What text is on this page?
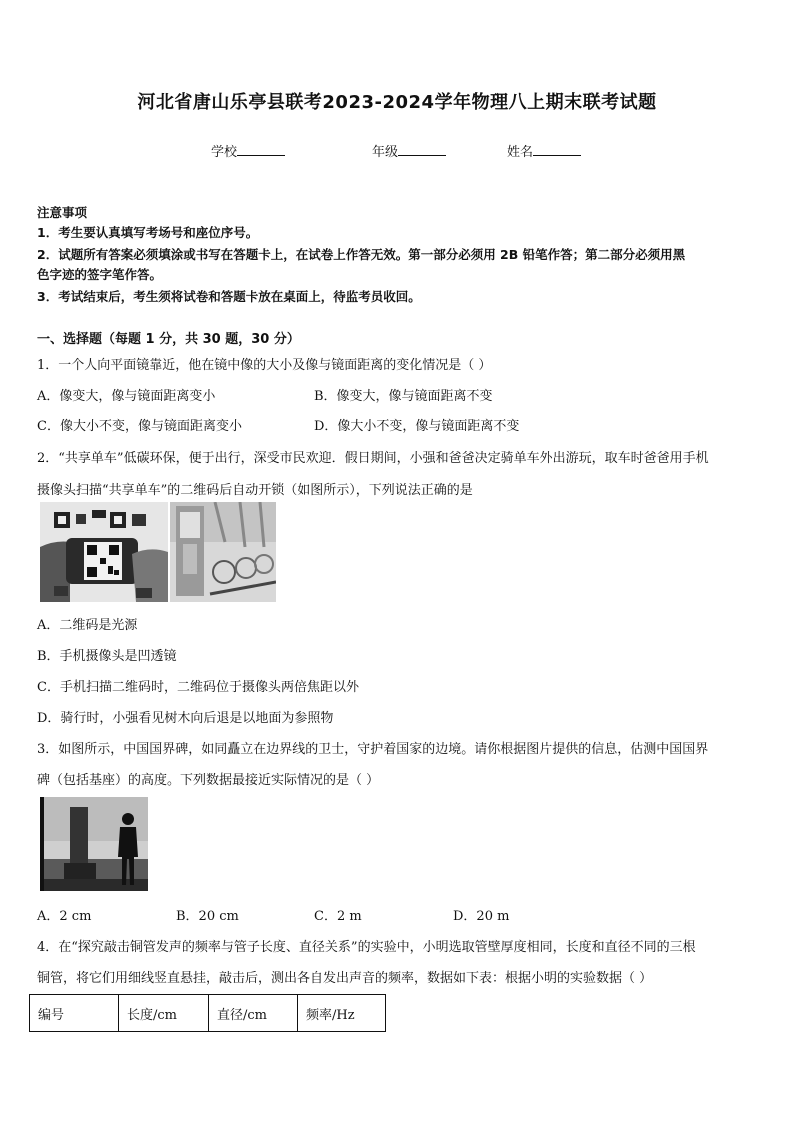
河北省唐山乐亭县联考2023-2024学年物理八上期末联考试题
学校	年级	姓名
注意事项
1．考生要认真填写考场号和座位序号。
2．试题所有答案必须填涂或书写在答题卡上，在试卷上作答无效。第一部分必须用 2B 铅笔作答；第二部分必须用黑
色字迹的签字笔作答。
3．考试结束后，考生须将试卷和答题卡放在桌面上，待监考员收回。
一、选择题（每题 1 分，共 30 题，30 分）
1．一个人向平面镜靠近，他在镜中像的大小及像与镜面距离的变化情况是（ ）
A．像变大，像与镜面距离变小	B．像变大，像与镜面距离不变
C．像大小不变，像与镜面距离变小	D．像大小不变，像与镜面距离不变
2．“共享单车”低碳环保，便于出行，深受市民欢迎．假日期间，小强和爸爸决定骑单车外出游玩，取车时爸爸用手机
摄像头扫描“共享单车”的二维码后自动开锁（如图所示），下列说法正确的是
A．二维码是光源
B．手机摄像头是凹透镜
C．手机扫描二维码时，二维码位于摄像头两倍焦距以外
D．骑行时，小强看见树木向后退是以地面为参照物
3．如图所示，中国国界碑，如同矗立在边界线的卫士，守护着国家的边境。请你根据图片提供的信息，估测中国国界
碑（包括基座）的高度。下列数据最接近实际情况的是（ ）
A．2 cm	B．20 cm	C．2 m	D．20 m
4．在“探究敲击铜管发声的频率与管子长度、直径关系”的实验中，小明选取管壁厚度相同，长度和直径不同的三根
铜管，将它们用细线竖直悬挂，敲击后，测出各自发出声音的频率，数据如下表：根据小明的实验数据（ ）
编号	长度/cm	直径/cm	频率/Hz
